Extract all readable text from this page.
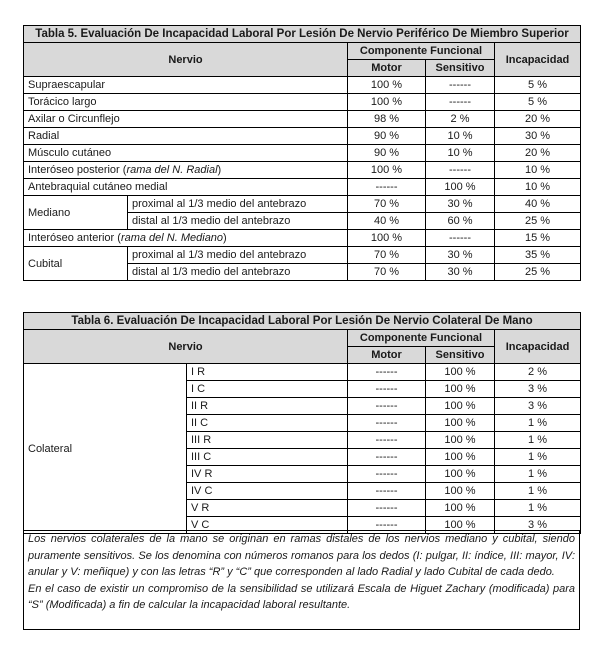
Tabla 5. Evaluación De Incapacidad Laboral Por Lesión De Nervio Periférico De Miembro Superior				
Nervio		Componente Funcional		Incapacidad
		Motor	Sensitivo	
Supraescapular		100 %	------	5 %
Torácico largo		100 %	------	5 %
Axilar o Circunflejo		98 %	2 %	20 %
Radial		90 %	10 %	30 %
Músculo cutáneo		90 %	10 %	20 %
Interóseo posterior (rama del N. Radial)		100 %	------	10 %
Antebraquial cutáneo medial		------	100 %	10 %
Mediano	proximal al 1/3 medio del antebrazo	70 %	30 %	40 %
	distal al 1/3 medio del antebrazo	40 %	60 %	25 %
Interóseo anterior (rama del N. Mediano)		100 %	------	15 %
Cubital	proximal al 1/3 medio del antebrazo	70 %	30 %	35 %
	distal al 1/3 medio del antebrazo	70 %	30 %	25 %
Tabla 6. Evaluación De Incapacidad Laboral Por Lesión De Nervio Colateral De Mano				
Nervio		Componente Funcional		Incapacidad
		Motor	Sensitivo	
Colateral	I R	------	100 %	2 %
	I C	------	100 %	3 %
	II R	------	100 %	3 %
	II C	------	100 %	1 %
	III R	------	100 %	1 %
	III C	------	100 %	1 %
	IV R	------	100 %	1 %
	IV C	------	100 %	1 %
	V R	------	100 %	1 %
	V C	------	100 %	3 %

Los nervios colaterales de la mano se originan en ramas distales de los nervios mediano y cubital, siendo puramente sensitivos. Se los denomina con números romanos para los dedos (I: pulgar, II: índice, III: mayor, IV: anular y V: meñique) y con las letras “R” y “C” que corresponden al lado Radial y lado Cubital de cada dedo.

En el caso de existir un compromiso de la sensibilidad se utilizará Escala de Higuet Zachary (modificada) para “S” (Modificada) a fin de calcular la incapacidad laboral resultante.
